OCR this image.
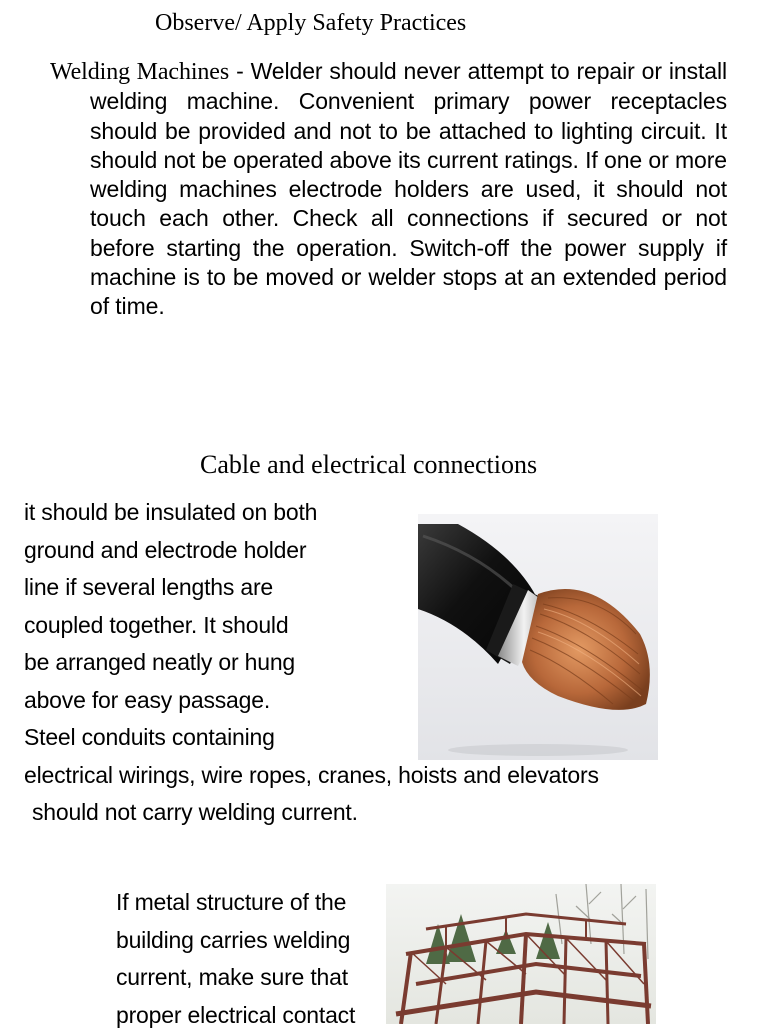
Observe/ Apply Safety Practices
Welding Machines - Welder should never attempt to repair or install welding machine. Convenient primary power receptacles should be provided and not to be attached to lighting circuit. It should not be operated above its current ratings. If one or more welding machines electrode holders are used, it should not touch each other. Check all connections if secured or not before starting the operation. Switch-off the power supply if machine is to be moved or welder stops at an extended period of time.
Cable and electrical connections
it should be insulated on both
ground and electrode holder
line if several lengths are
coupled together. It should
be arranged neatly or hung
above for easy passage.
Steel conduits containing
electrical wirings, wire ropes, cranes, hoists and elevators
should not carry welding current.
If metal structure of the
building carries welding
current, make sure that
proper electrical contact
